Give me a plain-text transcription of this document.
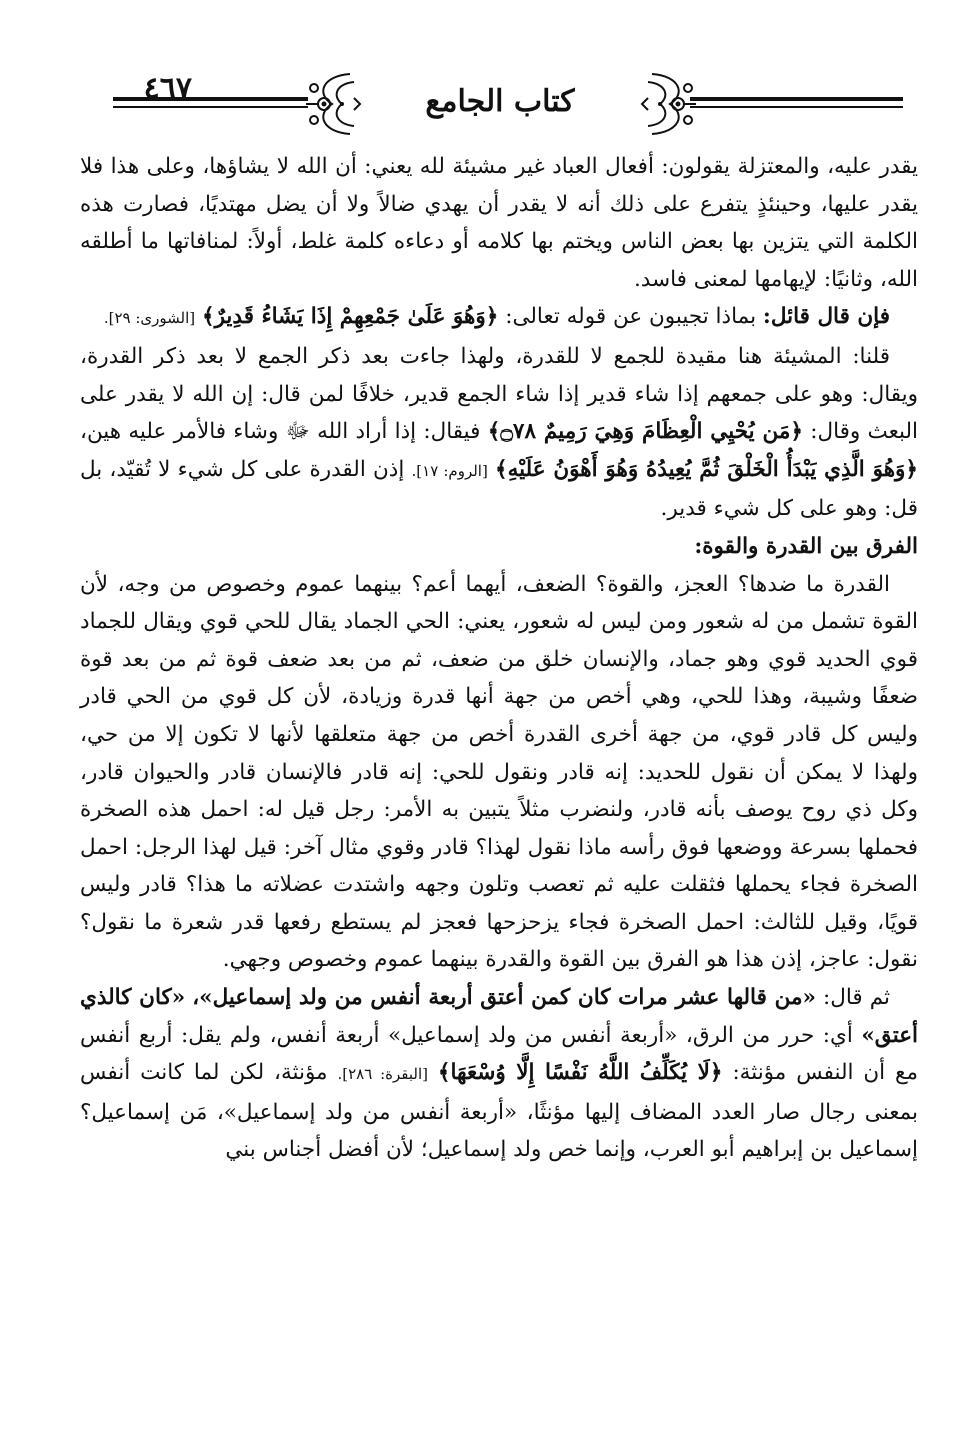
٤٦٧	كتاب الجامع

يقدر عليه، والمعتزلة يقولون: أفعال العباد غير مشيئة لله يعني: أن الله لا يشاؤها، وعلى هذا فلا يقدر عليها، وحينئذٍ يتفرع على ذلك أنه لا يقدر أن يهدي ضالاً ولا أن يضل مهتديًا، فصارت هذه الكلمة التي يتزين بها بعض الناس ويختم بها كلامه أو دعاءه كلمة غلط، أولاً: لمنافاتها ما أطلقه الله، وثانيًا: لإيهامها لمعنى فاسد.

فإن قال قائل: بماذا تجيبون عن قوله تعالى: ﴿وَهُوَ عَلَىٰ جَمْعِهِمْ إِذَا يَشَاءُ قَدِيرٌ﴾ [الشورى: ٢٩].

قلنا: المشيئة هنا مقيدة للجمع لا للقدرة، ولهذا جاءت بعد ذكر الجمع لا بعد ذكر القدرة، ويقال: وهو على جمعهم إذا شاء قدير إذا شاء الجمع قدير، خلافًا لمن قال: إن الله لا يقدر على البعث وقال: ﴿مَن يُحْيِي الْعِظَامَ وَهِيَ رَمِيمٌ ۝٧٨﴾ فيقال: إذا أراد الله ﷻ وشاء فالأمر عليه هين، ﴿وَهُوَ الَّذِي يَبْدَأُ الْخَلْقَ ثُمَّ يُعِيدُهُ وَهُوَ أَهْوَنُ عَلَيْهِ﴾ [الروم: ١٧]. إذن القدرة على كل شيء لا تُقيّد، بل قل: وهو على كل شيء قدير.

الفرق بين القدرة والقوة:

القدرة ما ضدها؟ العجز، والقوة؟ الضعف، أيهما أعم؟ بينهما عموم وخصوص من وجه، لأن القوة تشمل من له شعور ومن ليس له شعور، يعني: الحي الجماد يقال للحي قوي ويقال للجماد قوي الحديد قوي وهو جماد، والإنسان خلق من ضعف، ثم من بعد ضعف قوة ثم من بعد قوة ضعفًا وشيبة، وهذا للحي، وهي أخص من جهة أنها قدرة وزيادة، لأن كل قوي من الحي قادر وليس كل قادر قوي، من جهة أخرى القدرة أخص من جهة متعلقها لأنها لا تكون إلا من حي، ولهذا لا يمكن أن نقول للحديد: إنه قادر ونقول للحي: إنه قادر فالإنسان قادر والحيوان قادر، وكل ذي روح يوصف بأنه قادر، ولنضرب مثلاً يتبين به الأمر: رجل قيل له: احمل هذه الصخرة فحملها بسرعة ووضعها فوق رأسه ماذا نقول لهذا؟ قادر وقوي مثال آخر: قيل لهذا الرجل: احمل الصخرة فجاء يحملها فثقلت عليه ثم تعصب وتلون وجهه واشتدت عضلاته ما هذا؟ قادر وليس قويًا، وقيل للثالث: احمل الصخرة فجاء يزحزحها فعجز لم يستطع رفعها قدر شعرة ما نقول؟ نقول: عاجز، إذن هذا هو الفرق بين القوة والقدرة بينهما عموم وخصوص وجهي.

ثم قال: «من قالها عشر مرات كان كمن أعتق أربعة أنفس من ولد إسماعيل»، «كان كالذي أعتق» أي: حرر من الرق، «أربعة أنفس من ولد إسماعيل» أربعة أنفس، ولم يقل: أربع أنفس مع أن النفس مؤنثة: ﴿لَا يُكَلِّفُ اللَّهُ نَفْسًا إِلَّا وُسْعَهَا﴾ [البقرة: ٢٨٦]. مؤنثة، لكن لما كانت أنفس بمعنى رجال صار العدد المضاف إليها مؤنثًا، «أربعة أنفس من ولد إسماعيل»، مَن إسماعيل؟ إسماعيل بن إبراهيم أبو العرب، وإنما خص ولد إسماعيل؛ لأن أفضل أجناس بني
